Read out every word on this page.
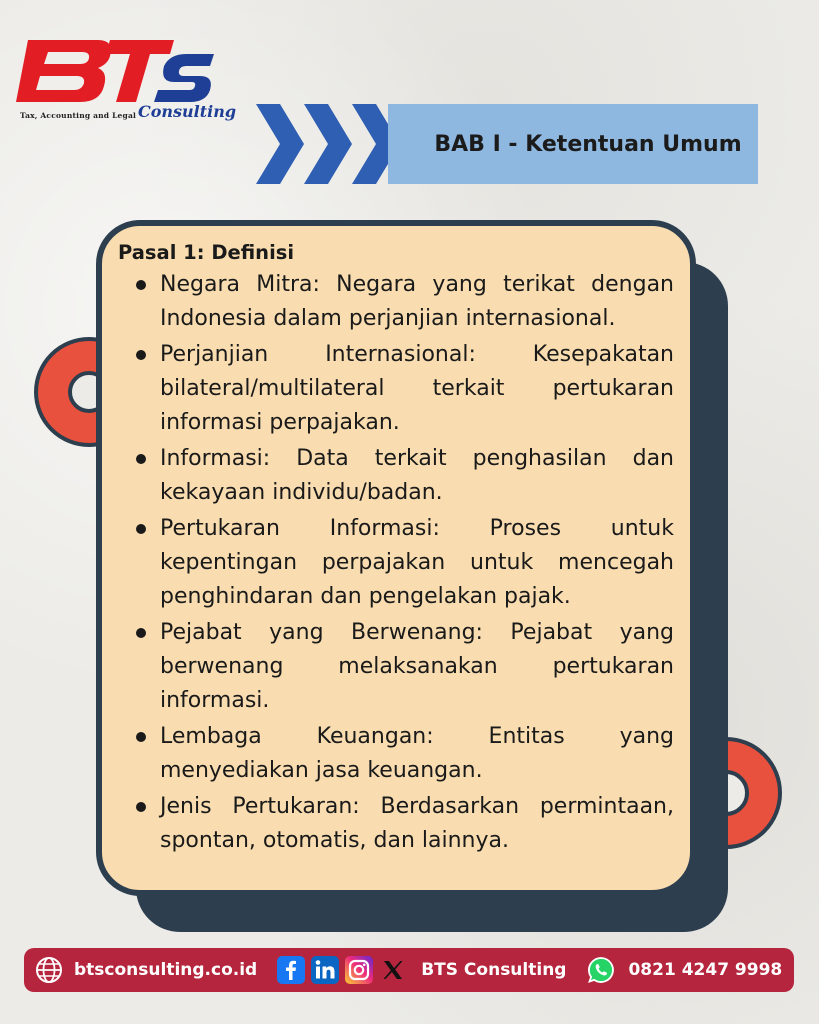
Tax, Accounting and Legal Consulting
BAB I - Ketentuan Umum
Pasal 1: Definisi
Negara Mitra: Negara yang terikat dengan Indonesia dalam perjanjian internasional.
Perjanjian Internasional: Kesepakatan bilateral/multilateral terkait pertukaran informasi perpajakan.
Informasi: Data terkait penghasilan dan kekayaan individu/badan.
Pertukaran Informasi: Proses untuk kepentingan perpajakan untuk mencegah penghindaran dan pengelakan pajak.
Pejabat yang Berwenang: Pejabat yang berwenang melaksanakan pertukaran informasi.
Lembaga Keuangan: Entitas yang menyediakan jasa keuangan.
Jenis Pertukaran: Berdasarkan permintaan, spontan, otomatis, dan lainnya.
btsconsulting.co.id	BTS Consulting	0821 4247 9998
